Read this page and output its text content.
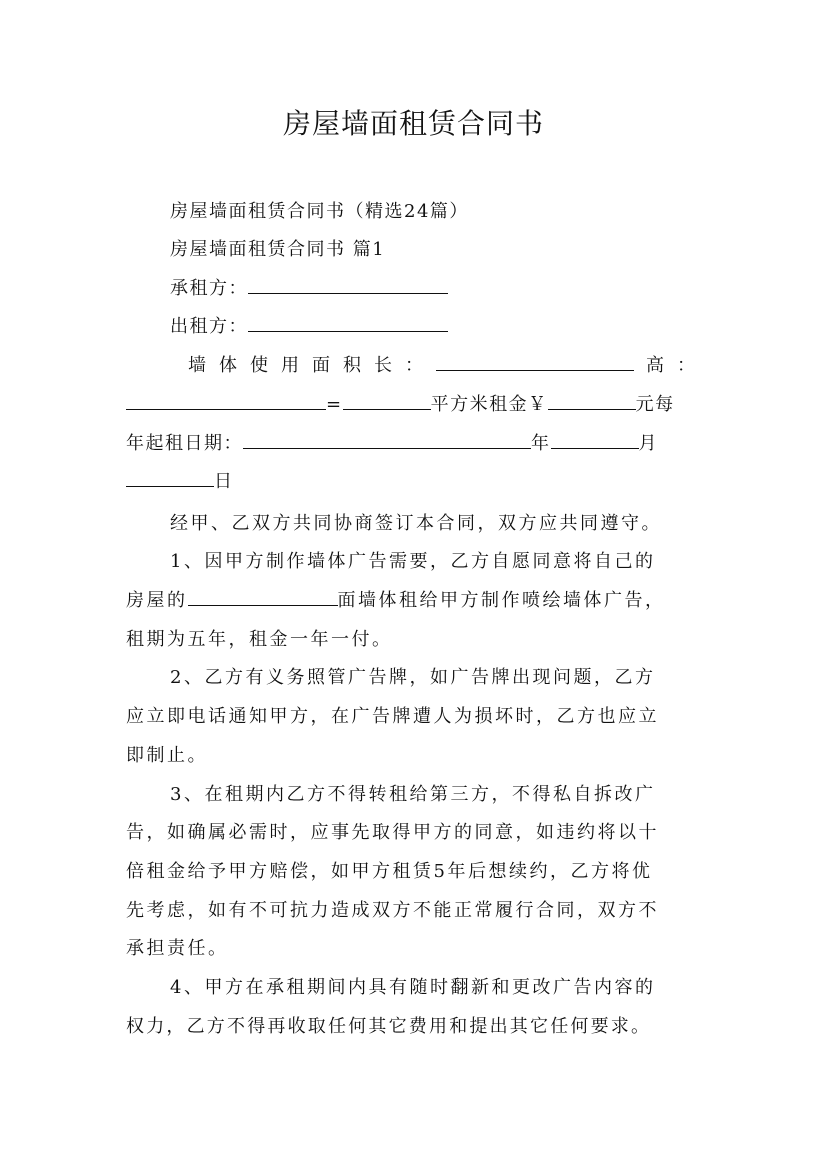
房屋墙面租赁合同书
房屋墙面租赁合同书（精选24篇）
房屋墙面租赁合同书 篇1
承租方：
出租方：
墙体使用面积长：	高：
=	平方米租金￥	元每
年起租日期：	年	月
日
经甲、乙双方共同协商签订本合同，双方应共同遵守。
1、因甲方制作墙体广告需要，乙方自愿同意将自己的
房屋的	面墙体租给甲方制作喷绘墙体广告，
租期为五年，租金一年一付。
2、乙方有义务照管广告牌，如广告牌出现问题，乙方
应立即电话通知甲方，在广告牌遭人为损坏时，乙方也应立
即制止。
3、在租期内乙方不得转租给第三方，不得私自拆改广
告，如确属必需时，应事先取得甲方的同意，如违约将以十
倍租金给予甲方赔偿，如甲方租赁5年后想续约，乙方将优
先考虑，如有不可抗力造成双方不能正常履行合同，双方不
承担责任。
4、甲方在承租期间内具有随时翻新和更改广告内容的
权力，乙方不得再收取任何其它费用和提出其它任何要求。
